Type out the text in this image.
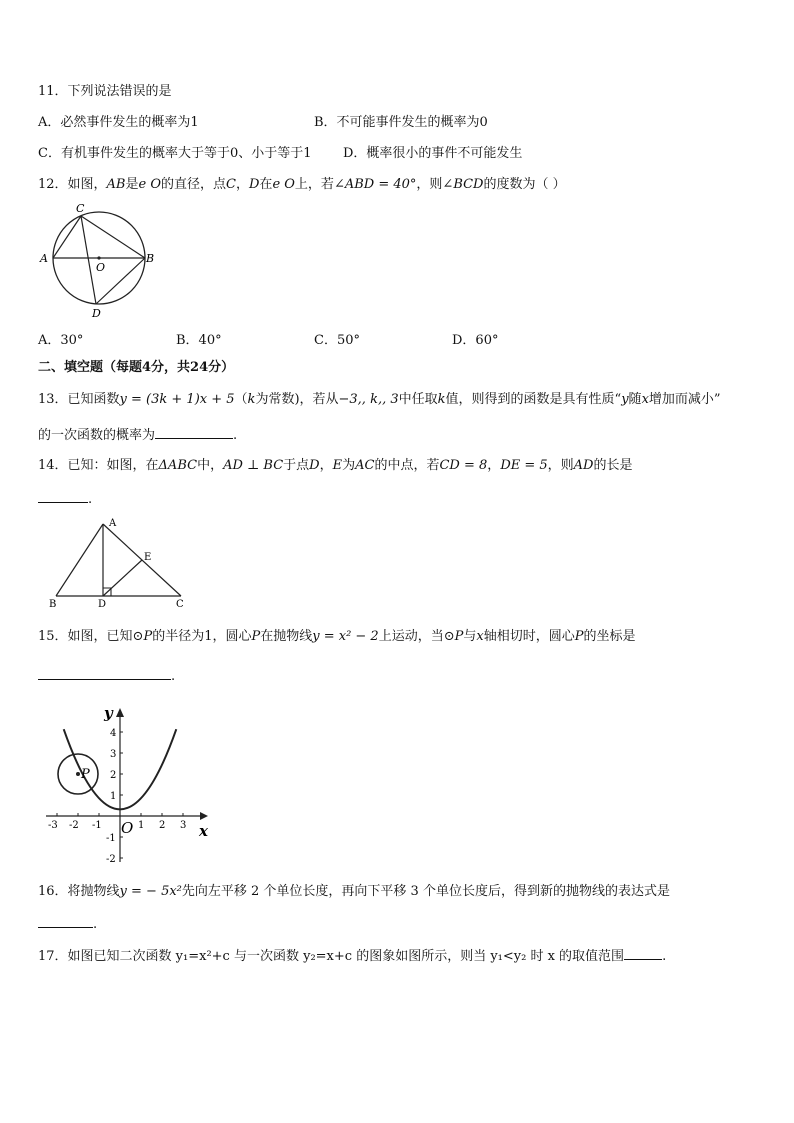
11．下列说法错误的是
A．必然事件发生的概率为1	B．不可能事件发生的概率为0
C．有机事件发生的概率大于等于0、小于等于1 D．概率很小的事件不可能发生
12．如图，AB是e O的直径，点C，D在e O上，若∠ABD = 40°，则∠BCD的度数为（ ）
A	B
C
D
O
A．30°	B．40°	C．50°	D．60°
二、填空题（每题4分，共24分）
13．已知函数y = (3k + 1)x + 5（k为常数)，若从−3,, k,, 3中任取k值，则得到的函数是具有性质“y随x增加而减小”
的一次函数的概率为	.
14．已知：如图，在ΔABC中，AD ⊥ BC于点D，E为AC的中点，若CD = 8，DE = 5，则AD的长是
.
A
B	C
D
E
15．如图，已知⊙P的半径为1，圆心P在抛物线y = x² − 2上运动，当⊙P与x轴相切时，圆心P的坐标是
.
y
x
O
P
-3 -2 -1	1 2 3
4
3
2
1
-1
-2
16．将抛物线y = − 5x²先向左平移 2 个单位长度，再向下平移 3 个单位长度后，得到新的抛物线的表达式是
.
17．如图已知二次函数 y₁=x²+c 与一次函数 y₂=x+c 的图象如图所示，则当 y₁<y₂ 时 x 的取值范围	.
